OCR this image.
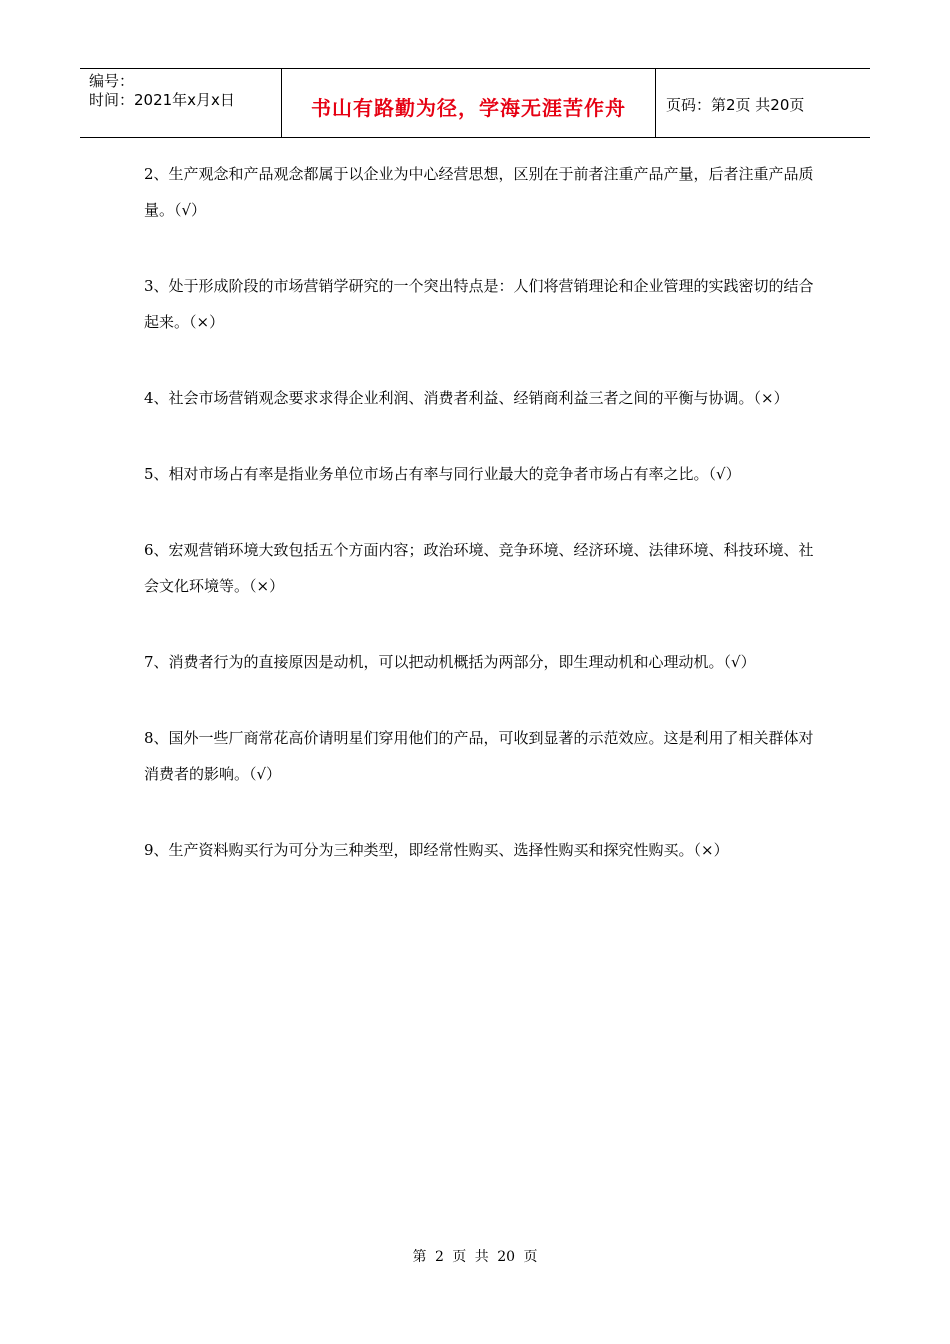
编号：
时间：2021年x月x日	书山有路勤为径，学海无涯苦作舟	页码：第2页 共20页

2、生产观念和产品观念都属于以企业为中心经营思想，区别在于前者注重产品产量，后者注重产品质量。（√）

3、处于形成阶段的市场营销学研究的一个突出特点是：人们将营销理论和企业管理的实践密切的结合起来。（×）

4、社会市场营销观念要求求得企业利润、消费者利益、经销商利益三者之间的平衡与协调。（×）

5、相对市场占有率是指业务单位市场占有率与同行业最大的竞争者市场占有率之比。（√）

6、宏观营销环境大致包括五个方面内容；政治环境、竞争环境、经济环境、法律环境、科技环境、社会文化环境等。（×）

7、消费者行为的直接原因是动机，可以把动机概括为两部分，即生理动机和心理动机。（√）

8、国外一些厂商常花高价请明星们穿用他们的产品，可收到显著的示范效应。这是利用了相关群体对消费者的影响。（√）

9、生产资料购买行为可分为三种类型，即经常性购买、选择性购买和探究性购买。（×）

第 2 页 共 20 页
